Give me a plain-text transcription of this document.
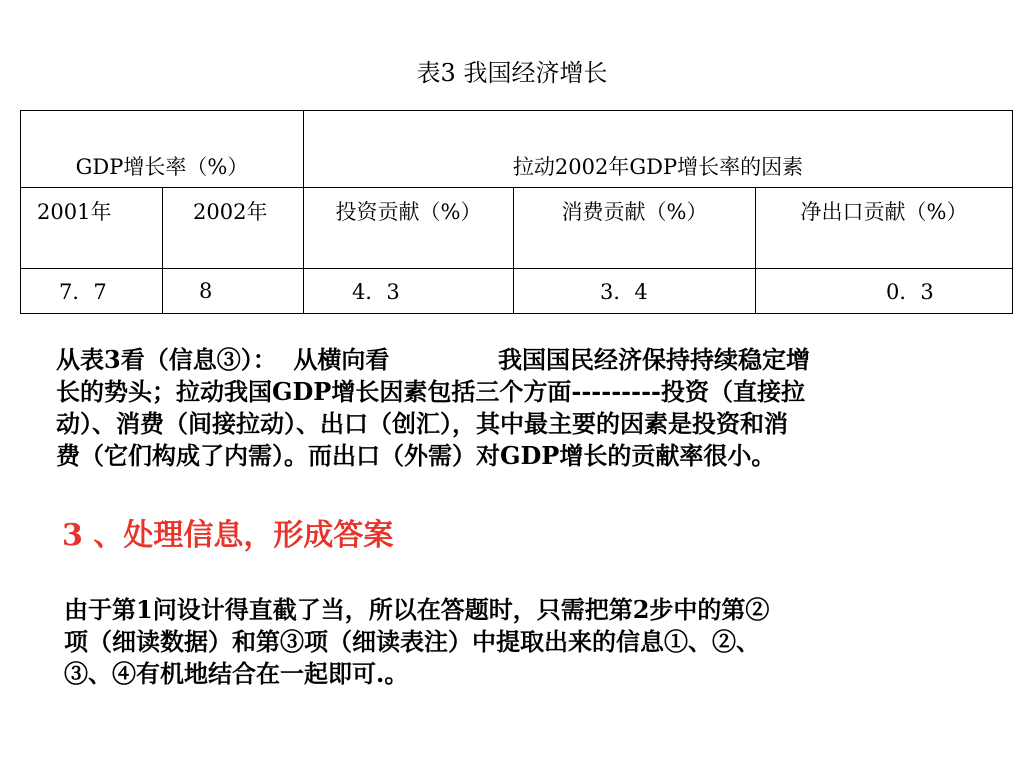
表3 我国经济增长
GDP增长率（%）		拉动2002年GDP增长率的因素		
2001年	2002年	投资贡献（%）	消费贡献（%）	净出口贡献（%）
7．7	8	4．3	3．4	0．3
从表3看（信息③）：  从横向看             我国国民经济保持持续稳定增
长的势头；拉动我国GDP增长因素包括三个方面---------投资（直接拉
动）、消费（间接拉动）、出口（创汇），其中最主要的因素是投资和消
费（它们构成了内需）。而出口（外需）对GDP增长的贡献率很小。
3 、处理信息，形成答案
由于第1问设计得直截了当，所以在答题时，只需把第2步中的第②
项（细读数据）和第③项（细读表注）中提取出来的信息①、②、
③、④有机地结合在一起即可.。
